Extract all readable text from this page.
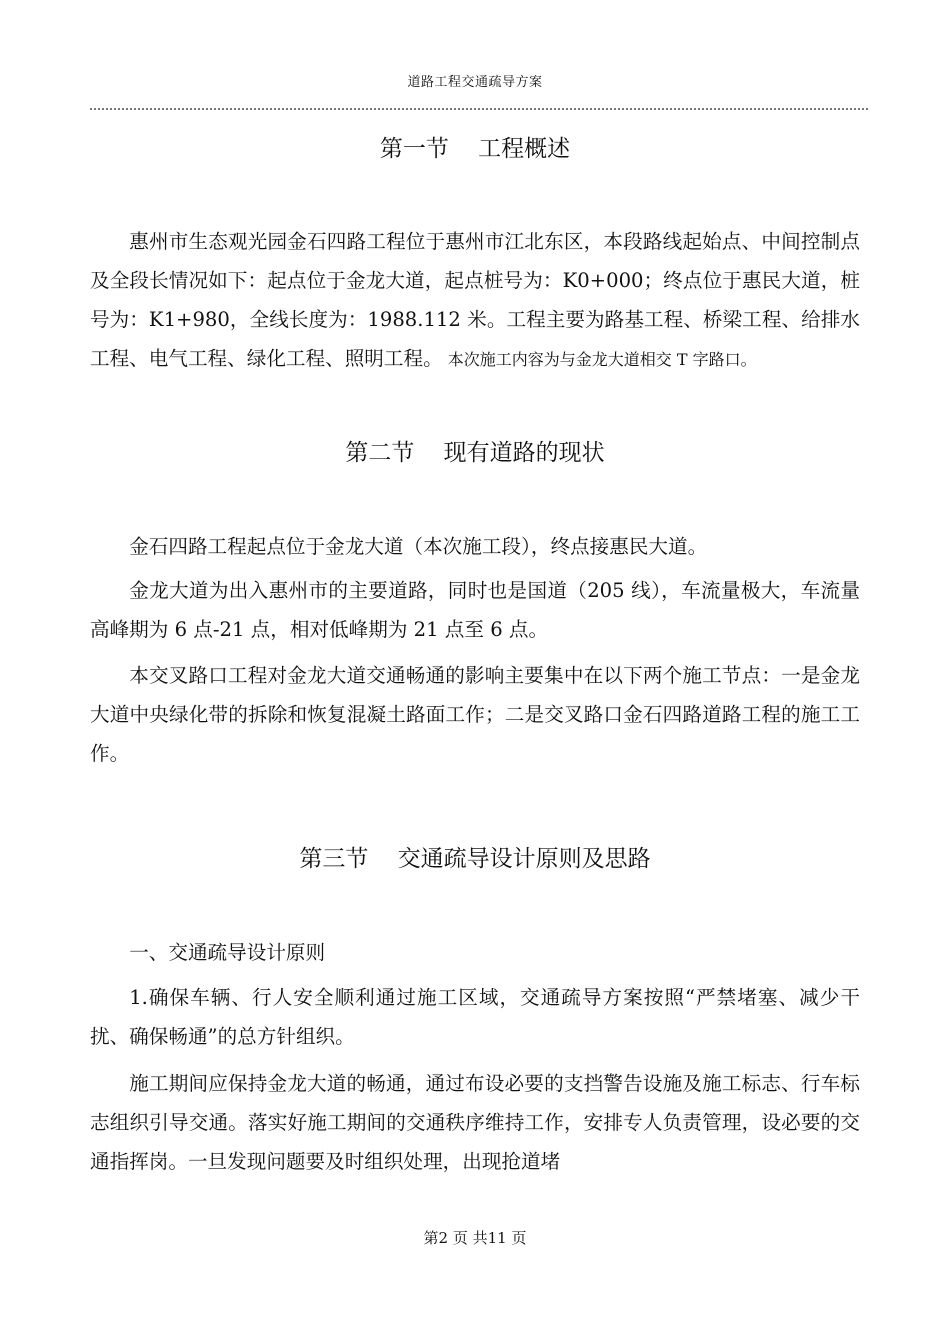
道路工程交通疏导方案
第一节    工程概述

惠州市生态观光园金石四路工程位于惠州市江北东区，本段路线起始点、中间控制点及全段长情况如下：起点位于金龙大道，起点桩号为：K0+000；终点位于惠民大道，桩号为：K1+980，全线长度为：1988.112 米。工程主要为路基工程、桥梁工程、给排水工程、电气工程、绿化工程、照明工程。 本次施工内容为与金龙大道相交 T 字路口。

第二节    现有道路的现状

金石四路工程起点位于金龙大道（本次施工段），终点接惠民大道。

金龙大道为出入惠州市的主要道路，同时也是国道（205 线），车流量极大，车流量高峰期为 6 点-21 点，相对低峰期为 21 点至 6 点。

本交叉路口工程对金龙大道交通畅通的影响主要集中在以下两个施工节点：一是金龙大道中央绿化带的拆除和恢复混凝土路面工作；二是交叉路口金石四路道路工程的施工工作。

第三节    交通疏导设计原则及思路

一、交通疏导设计原则

1.确保车辆、行人安全顺利通过施工区域，交通疏导方案按照“严禁堵塞、减少干扰、确保畅通”的总方针组织。

施工期间应保持金龙大道的畅通，通过布设必要的支挡警告设施及施工标志、行车标志组织引导交通。落实好施工期间的交通秩序维持工作，安排专人负责管理，设必要的交通指挥岗。一旦发现问题要及时组织处理，出现抢道堵

第2 页 共11 页
